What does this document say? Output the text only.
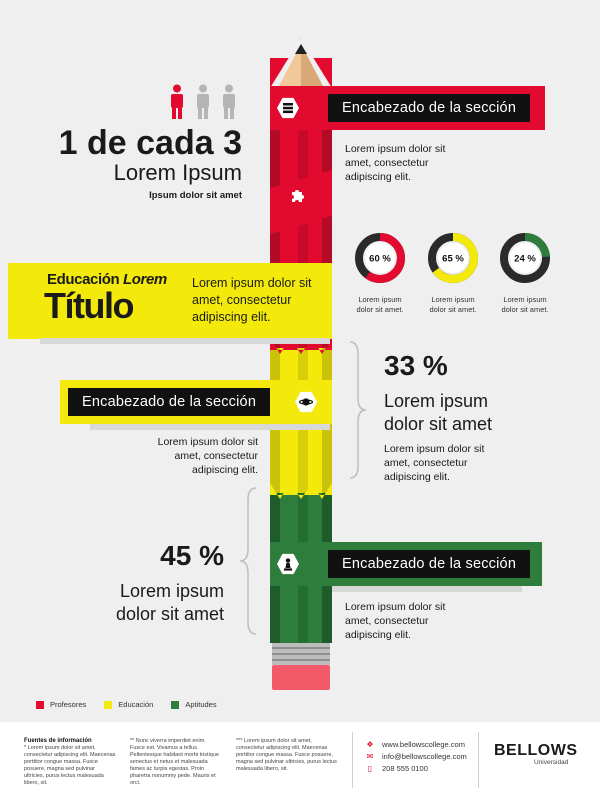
1 de cada 3
Lorem Ipsum
Ipsum dolor sit amet
Encabezado de la sección
Lorem ipsum dolor sit amet, consectetur adipiscing elit.
60 %
Lorem ipsum dolor sit amet.
65 %
Lorem ipsum dolor sit amet.
24 %
Lorem ipsum dolor sit amet.
Educación Lorem
Título
Lorem ipsum dolor sit amet, consectetur adipiscing elit.
Encabezado de la sección
Lorem ipsum dolor sit amet, consectetur adipiscing elit.
33 %
Lorem ipsum dolor sit amet
Lorem ipsum dolor sit amet, consectetur adipiscing elit.
Encabezado de la sección
Lorem ipsum dolor sit amet, consectetur adipiscing elit.
45 %
Lorem ipsum dolor sit amet
Profesores	Educación	Aptitudes
Fuentes de información
* Lorem ipsum dolor sit amet, consectetur adipiscing elit. Maecenas porttitor congue massa. Fusce posuere, magna sed pulvinar ultricies, purus lectus malesuada libero, sit.
** Nunc viverra imperdiet enim. Fusce est. Vivamus a tellus. Pellentesque habitant morbi tristique senectus et netus et malesuada fames ac turpis egestas. Proin pharetra nonummy pede. Mauris et orci.
*** Lorem ipsum dolor sit amet, consectetur adipiscing elit. Maecenas porttitor congue massa. Fusce posuere, magna sed pulvinar ultricies, purus lectus malesuada libero, sit.
❖ www.bellowscollege.com
✉ info@bellowscollege.com
▯ 208 555 0100
BELLOWS
Universidad
